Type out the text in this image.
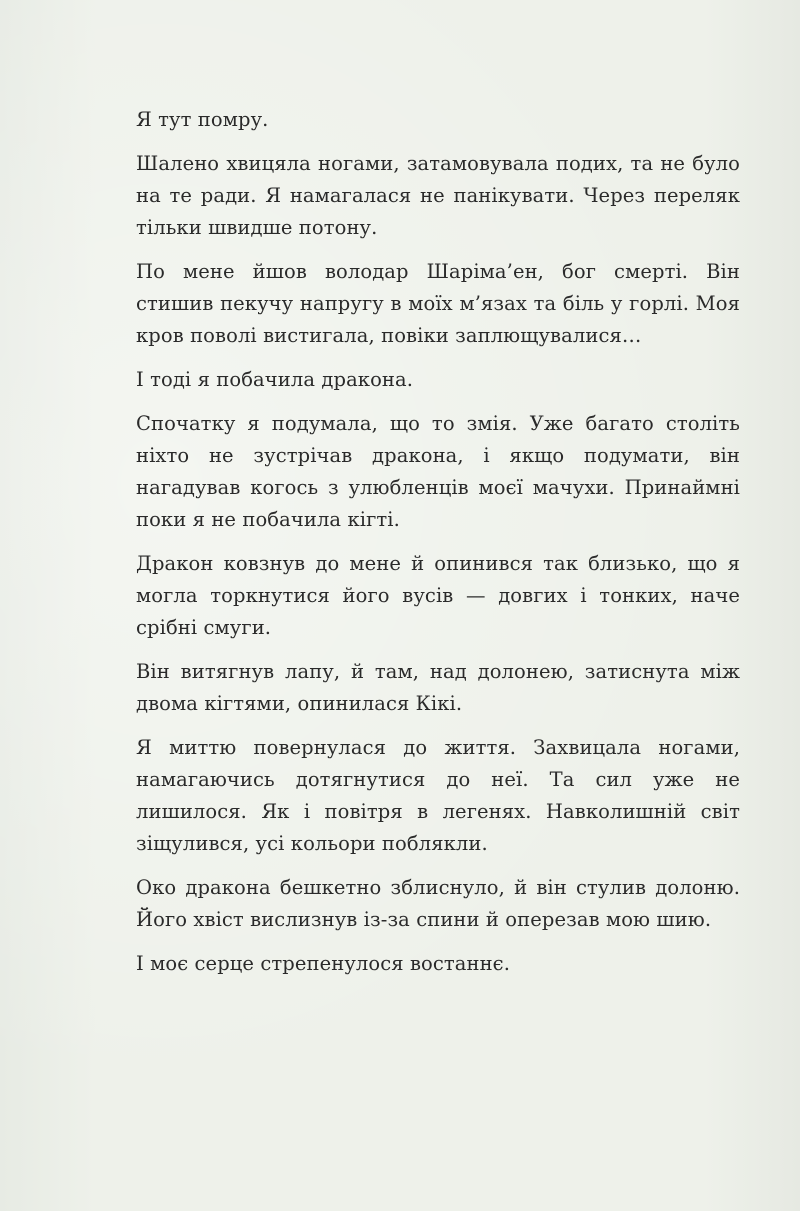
Я тут помру.

Шалено хвицяла ногами, затамовувала подих, та не було на те ради. Я намагалася не панікувати. Через переляк тільки швидше потону.

По мене йшов володар Шаріма’ен, бог смерті. Він стишив пекучу напругу в моїх м’язах та біль у горлі. Моя кров поволі вистигала, повіки заплющувалися…

І тоді я побачила дракона.

Спочатку я подумала, що то змія. Уже багато століть ніхто не зустрічав дракона, і якщо подумати, він нагадував когось з улюбленців моєї мачухи. Принаймні поки я не побачила кігті.

Дракон ковзнув до мене й опинився так близько, що я могла торкнутися його вусів — довгих і тонких, наче срібні смуги.

Він витягнув лапу, й там, над долонею, затиснута між двома кігтями, опинилася Кікі.

Я миттю повернулася до життя. Захвицала ногами, намагаючись дотягнутися до неї. Та сил уже не лишилося. Як і повітря в легенях. Навколишній світ зіщулився, усі кольори поблякли.

Око дракона бешкетно зблиснуло, й він стулив долоню. Його хвіст вислизнув із-за спини й оперезав мою шию.

І моє серце стрепенулося востаннє.
